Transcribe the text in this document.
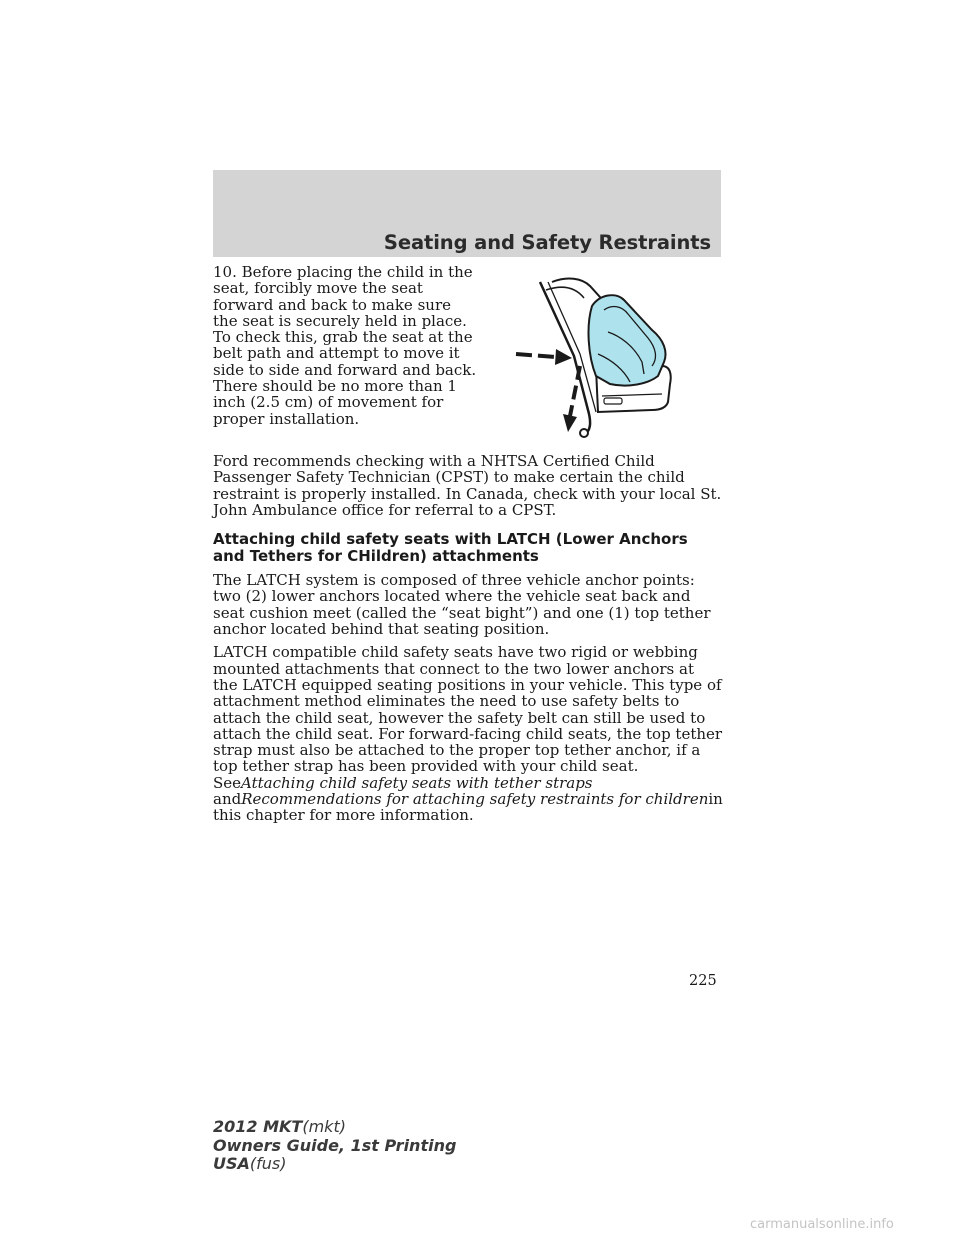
Seating and Safety Restraints

10. Before placing the child in the seat, forcibly move the seat forward and back to make sure the seat is securely held in place. To check this, grab the seat at the belt path and attempt to move it side to side and forward and back. There should be no more than 1 inch (2.5 cm) of movement for proper installation.

Ford recommends checking with a NHTSA Certified Child Passenger Safety Technician (CPST) to make certain the child restraint is properly installed. In Canada, check with your local St. John Ambulance office for referral to a CPST.

Attaching child safety seats with LATCH (Lower Anchors and Tethers for CHildren) attachments

The LATCH system is composed of three vehicle anchor points: two (2) lower anchors located where the vehicle seat back and seat cushion meet (called the “seat bight”) and one (1) top tether anchor located behind that seating position.

LATCH compatible child safety seats have two rigid or webbing mounted attachments that connect to the two lower anchors at the LATCH equipped seating positions in your vehicle. This type of attachment method eliminates the need to use safety belts to attach the child seat, however the safety belt can still be used to attach the child seat. For forward-facing child seats, the top tether strap must also be attached to the proper top tether anchor, if a top tether strap has been provided with your child seat. SeeAttaching child safety seats with tether straps andRecommendations for attaching safety restraints for childrenin this chapter for more information.

225

2012 MKT(mkt)
Owners Guide, 1st Printing
USA(fus)

carmanualsonline.info
